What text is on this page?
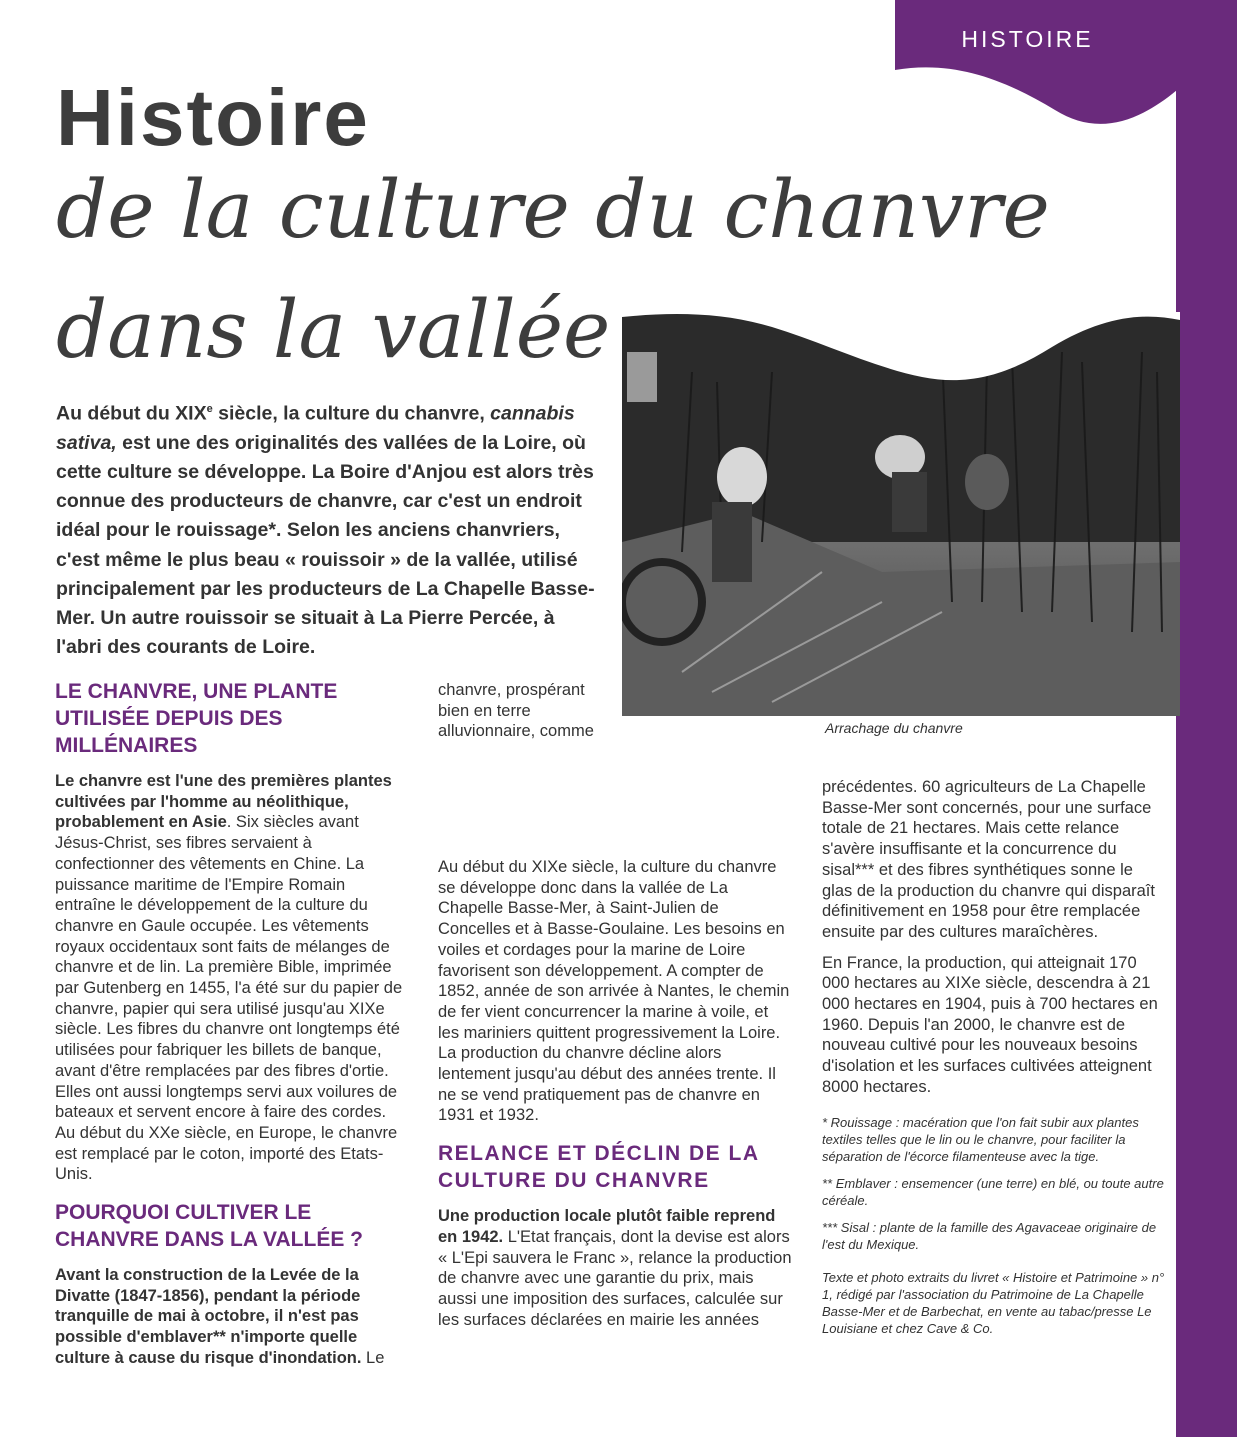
HISTOIRE
Histoire
de la culture du chanvre
dans la vallée
Arrachage du chanvre

Au début du XIXe siècle, la culture du chanvre, cannabis sativa, est une des originalités des vallées de la Loire, où cette culture se développe. La Boire d'Anjou est alors très connue des producteurs de chanvre, car c'est un endroit idéal pour le rouissage*. Selon les anciens chanvriers, c'est même le plus beau « rouissoir » de la vallée, utilisé principalement par les producteurs de La Chapelle Basse-Mer. Un autre rouissoir se situait à La Pierre Percée, à l'abri des courants de Loire.

LE CHANVRE, UNE PLANTE UTILISÉE DEPUIS DES MILLÉNAIRES

Le chanvre est l'une des premières plantes cultivées par l'homme au néolithique, probablement en Asie. Six siècles avant Jésus-Christ, ses fibres servaient à confectionner des vêtements en Chine. La puissance maritime de l'Empire Romain entraîne le développement de la culture du chanvre en Gaule occupée. Les vêtements royaux occidentaux sont faits de mélanges de chanvre et de lin. La première Bible, imprimée par Gutenberg en 1455, l'a été sur du papier de chanvre, papier qui sera utilisé jusqu'au XIXe siècle. Les fibres du chanvre ont longtemps été utilisées pour fabriquer les billets de banque, avant d'être remplacées par des fibres d'ortie. Elles ont aussi longtemps servi aux voilures de bateaux et servent encore à faire des cordes. Au début du XXe siècle, en Europe, le chanvre est remplacé par le coton, importé des Etats-Unis.

POURQUOI CULTIVER LE CHANVRE DANS LA VALLÉE ?

Avant la construction de la Levée de la Divatte (1847-1856), pendant la période tranquille de mai à octobre, il n'est pas possible d'emblaver** n'importe quelle culture à cause du risque d'inondation. Le

chanvre, prospérant bien en terre alluvionnaire, comme

Au début du XIXe siècle, la culture du chanvre se développe donc dans la vallée de La Chapelle Basse-Mer, à Saint-Julien de Concelles et à Basse-Goulaine. Les besoins en voiles et cordages pour la marine de Loire favorisent son développement. A compter de 1852, année de son arrivée à Nantes, le chemin de fer vient concurrencer la marine à voile, et les mariniers quittent progressivement la Loire. La production du chanvre décline alors lentement jusqu'au début des années trente. Il ne se vend pratiquement pas de chanvre en 1931 et 1932.

RELANCE ET DÉCLIN DE LA CULTURE DU CHANVRE

Une production locale plutôt faible reprend en 1942. L'Etat français, dont la devise est alors « L'Epi sauvera le Franc », relance la production de chanvre avec une garantie du prix, mais aussi une imposition des surfaces, calculée sur les surfaces déclarées en mairie les années

précédentes. 60 agriculteurs de La Chapelle Basse-Mer sont concernés, pour une surface totale de 21 hectares. Mais cette relance s'avère insuffisante et la concurrence du sisal*** et des fibres synthétiques sonne le glas de la production du chanvre qui disparaît définitivement en 1958 pour être remplacée ensuite par des cultures maraîchères.

En France, la production, qui atteignait 170 000 hectares au XIXe siècle, descendra à 21 000 hectares en 1904, puis à 700 hectares en 1960. Depuis l'an 2000, le chanvre est de nouveau cultivé pour les nouveaux besoins d'isolation et les surfaces cultivées atteignent 8000 hectares.

* Rouissage : macération que l'on fait subir aux plantes textiles telles que le lin ou le chanvre, pour faciliter la séparation de l'écorce filamenteuse avec la tige.

** Emblaver : ensemencer (une terre) en blé, ou toute autre céréale.

*** Sisal : plante de la famille des Agavaceae originaire de l'est du Mexique.

Texte et photo extraits du livret « Histoire et Patrimoine » n° 1, rédigé par l'association du Patrimoine de La Chapelle Basse-Mer et de Barbechat, en vente au tabac/presse Le Louisiane et chez Cave & Co.
